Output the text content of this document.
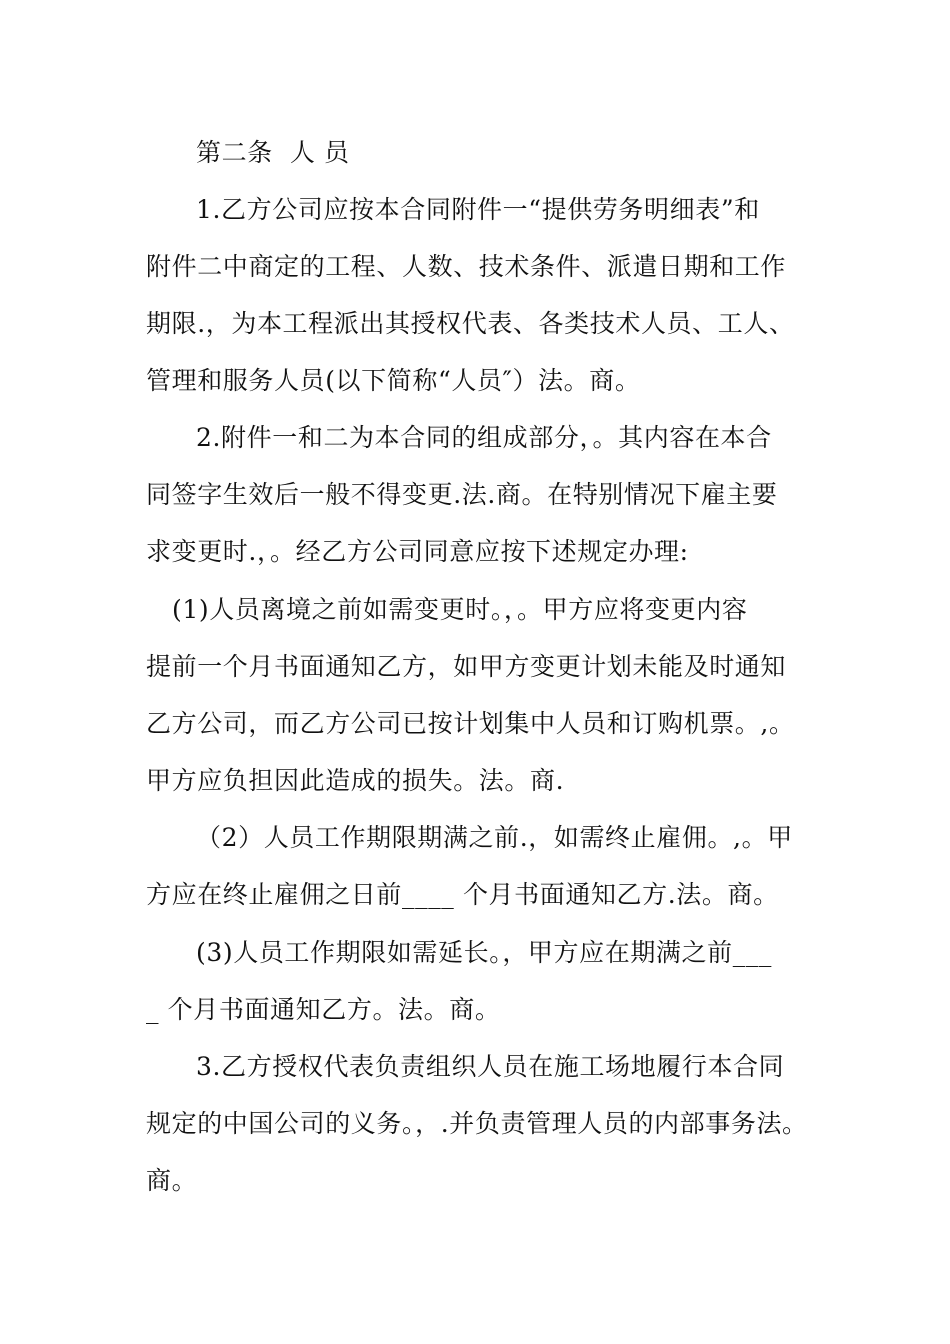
第二条  人 员
1.乙方公司应按本合同附件一“提供劳务明细表”和
附件二中商定的工程、人数、技术条件、派遣日期和工作
期限.，为本工程派出其授权代表、各类技术人员、工人、
管理和服务人员(以下简称“人员″）法。商。
2.附件一和二为本合同的组成部分，。其内容在本合
同签字生效后一般不得变更.法.商。在特别情况下雇主要
求变更时.，。经乙方公司同意应按下述规定办理:
(1)人员离境之前如需变更时。，。甲方应将变更内容
提前一个月书面通知乙方，如甲方变更计划未能及时通知
乙方公司，而乙方公司已按计划集中人员和订购机票。,。
甲方应负担因此造成的损失。法。商.
（2）人员工作期限期满之前.，如需终止雇佣。,。甲
方应在终止雇佣之日前____ 个月书面通知乙方.法。商。
(3)人员工作期限如需延长。，甲方应在期满之前___
_ 个月书面通知乙方。法。商。
3.乙方授权代表负责组织人员在施工场地履行本合同
规定的中国公司的义务。，.并负责管理人员的内部事务法。
商。
